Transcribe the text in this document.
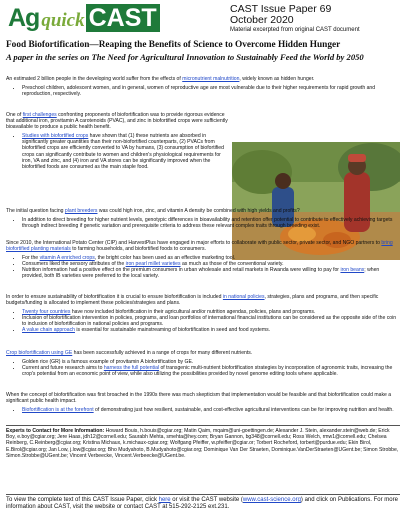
Ag quick CAST	CAST Issue Paper 69
October 2020
Material excerpted from original CAST document
Food Biofortification—Reaping the Benefits of Science to Overcome Hidden Hunger
A paper in the series on The Need for Agricultural Innovation to Sustainably Feed the World by 2050

An estimated 2 billion people in the developing world suffer from the effects of micronutrient malnutrition, widely known as hidden hunger.

• Preschool children, adolescent women, and in general, women of reproductive age are most vulnerable due to their higher requirements for rapid growth and reproduction, respectively.

One of first challenges confronting proponents of biofortification was to provide rigorous evidence that additional iron, provitamin A carotenoids (PVAC), and zinc in biofortified crops were sufficiently bioavailable to produce a public health benefit.

• Studies with biofortified crops have shown that (1) these nutrients are absorbed in significantly greater quantities than their non-biofortified counterparts, (2) PVACs from biofortified crops are efficiently converted to VA by humans, (3) consumption of biofortified crops can significantly contribute to women and children's physiological requirements for iron, VA and zinc, and (4) iron and VA stores can be significantly improved when the biofortified foods are consumed as the main staple food.

The initial question facing plant breeders was could high iron, zinc, and vitamin A density be combined with high yields and profits?

• In addition to direct breeding for higher nutrient levels, genotypic differences in bioavailability and retention offer potential to contribute to effectively achieving targets through indirect breeding if genetic variation and prerequisite criteria to address these relevant complex traits through breeding exist.

Since 2010, the International Potato Center (CIP) and HarvestPlus have engaged in major efforts to collaborate with public sector, private sector, and NGO partners to bring biofortified planting materials to farming households, and biofortified foods to consumers.

• For the vitamin A enriched crops, the bright color has been used as an effective marketing tool.
• Consumers liked the sensory attributes of the iron pearl millet varieties as much as those of the conventional variety.
• Nutrition information had a positive effect on the premium consumers in urban wholesale and retail markets in Rwanda were willing to pay for iron beans; when provided, both IB varieties were preferred to the local variety.

In order to ensure sustainability of biofortification it is crucial to ensure biofortification is included in national policies, strategies, plans and programs, and then specific budgets/funding is allocated to implement these policies/strategies and plans.

• Twenty four countries have now included biofortification in their agricultural and/or nutrition agendas, policies, plans and programs.
• Inclusion of biofortification intervention in policies, programs, and loan portfolios of international financial institutions can be considered as the opposite side of the coin to inclusion of biofortification in national policies and programs.
• A value chain approach is essential for sustainable mainstreaming of biofortification in seed and food systems.

Crop biofortification using GE has been successfully achieved in a range of crops for many different nutrients.

• Golden rice (GR) is a famous example of provitamin A biofortification by GE.
• Current and future research aims to harness the full potential of transgenic multi-nutrient biofortification strategies by incorporation of agronomic traits, increasing the crop's potential from an economic point of view, while also utilizing the possibilities provided by novel genome editing tools where applicable.

When the concept of biofortification was first broached in the 1990s there was much skepticism that implementation would be feasible and that biofortification could make a significant public health impact.

• Biofortification is at the forefront of demonstrating just how resilient, sustainable, and cost-effective agricultural interventions can be for improving nutrition and health.
Experts to Contact for More Information: Howard Bouis, h.bouis@cgiar.org; Matin Qaim, mqaim@uni-goettingen.de; Alexander J. Stein, alexander.stein@web.de; Erick Boy, e.boy@cgiar.org; Jere Haas, jdh12@cornell.edu; Saurabh Mehta, smehta@hey.com; Bryan Gannon, bg348@cornell.edu; Ross Welch, rmw1@cornell.edu; Chelsea Reinberg, C.Reinberg@cgiar.org; Kristina Michaux, k.michaux-cgiar.org; Wolfgang Pfeiffer, w.pfeiffer@cgiar.or; Torbert Rocheford, torbert@purdue.edu; Ekin Birol, E.Birol@cgiar.org; Jan Low, j.low@cgiar.org; Bho Mudyahoto, B.Mudyahoto@cgiar.org; Dominique Van Der Straeten, Dominique.VanDerStraeten@UGent.be; Simon Strobbe, Simon.Strobbe@UGent.be; Vincent Verbeecke, Vincent.Verbeecke@UGent.be.
To view the complete text of this CAST Issue Paper, click here or visit the CAST website (www.cast-science.org) and click on Publications. For more information about CAST, visit the website or contact CAST at 515-292-2125 ext.231.
